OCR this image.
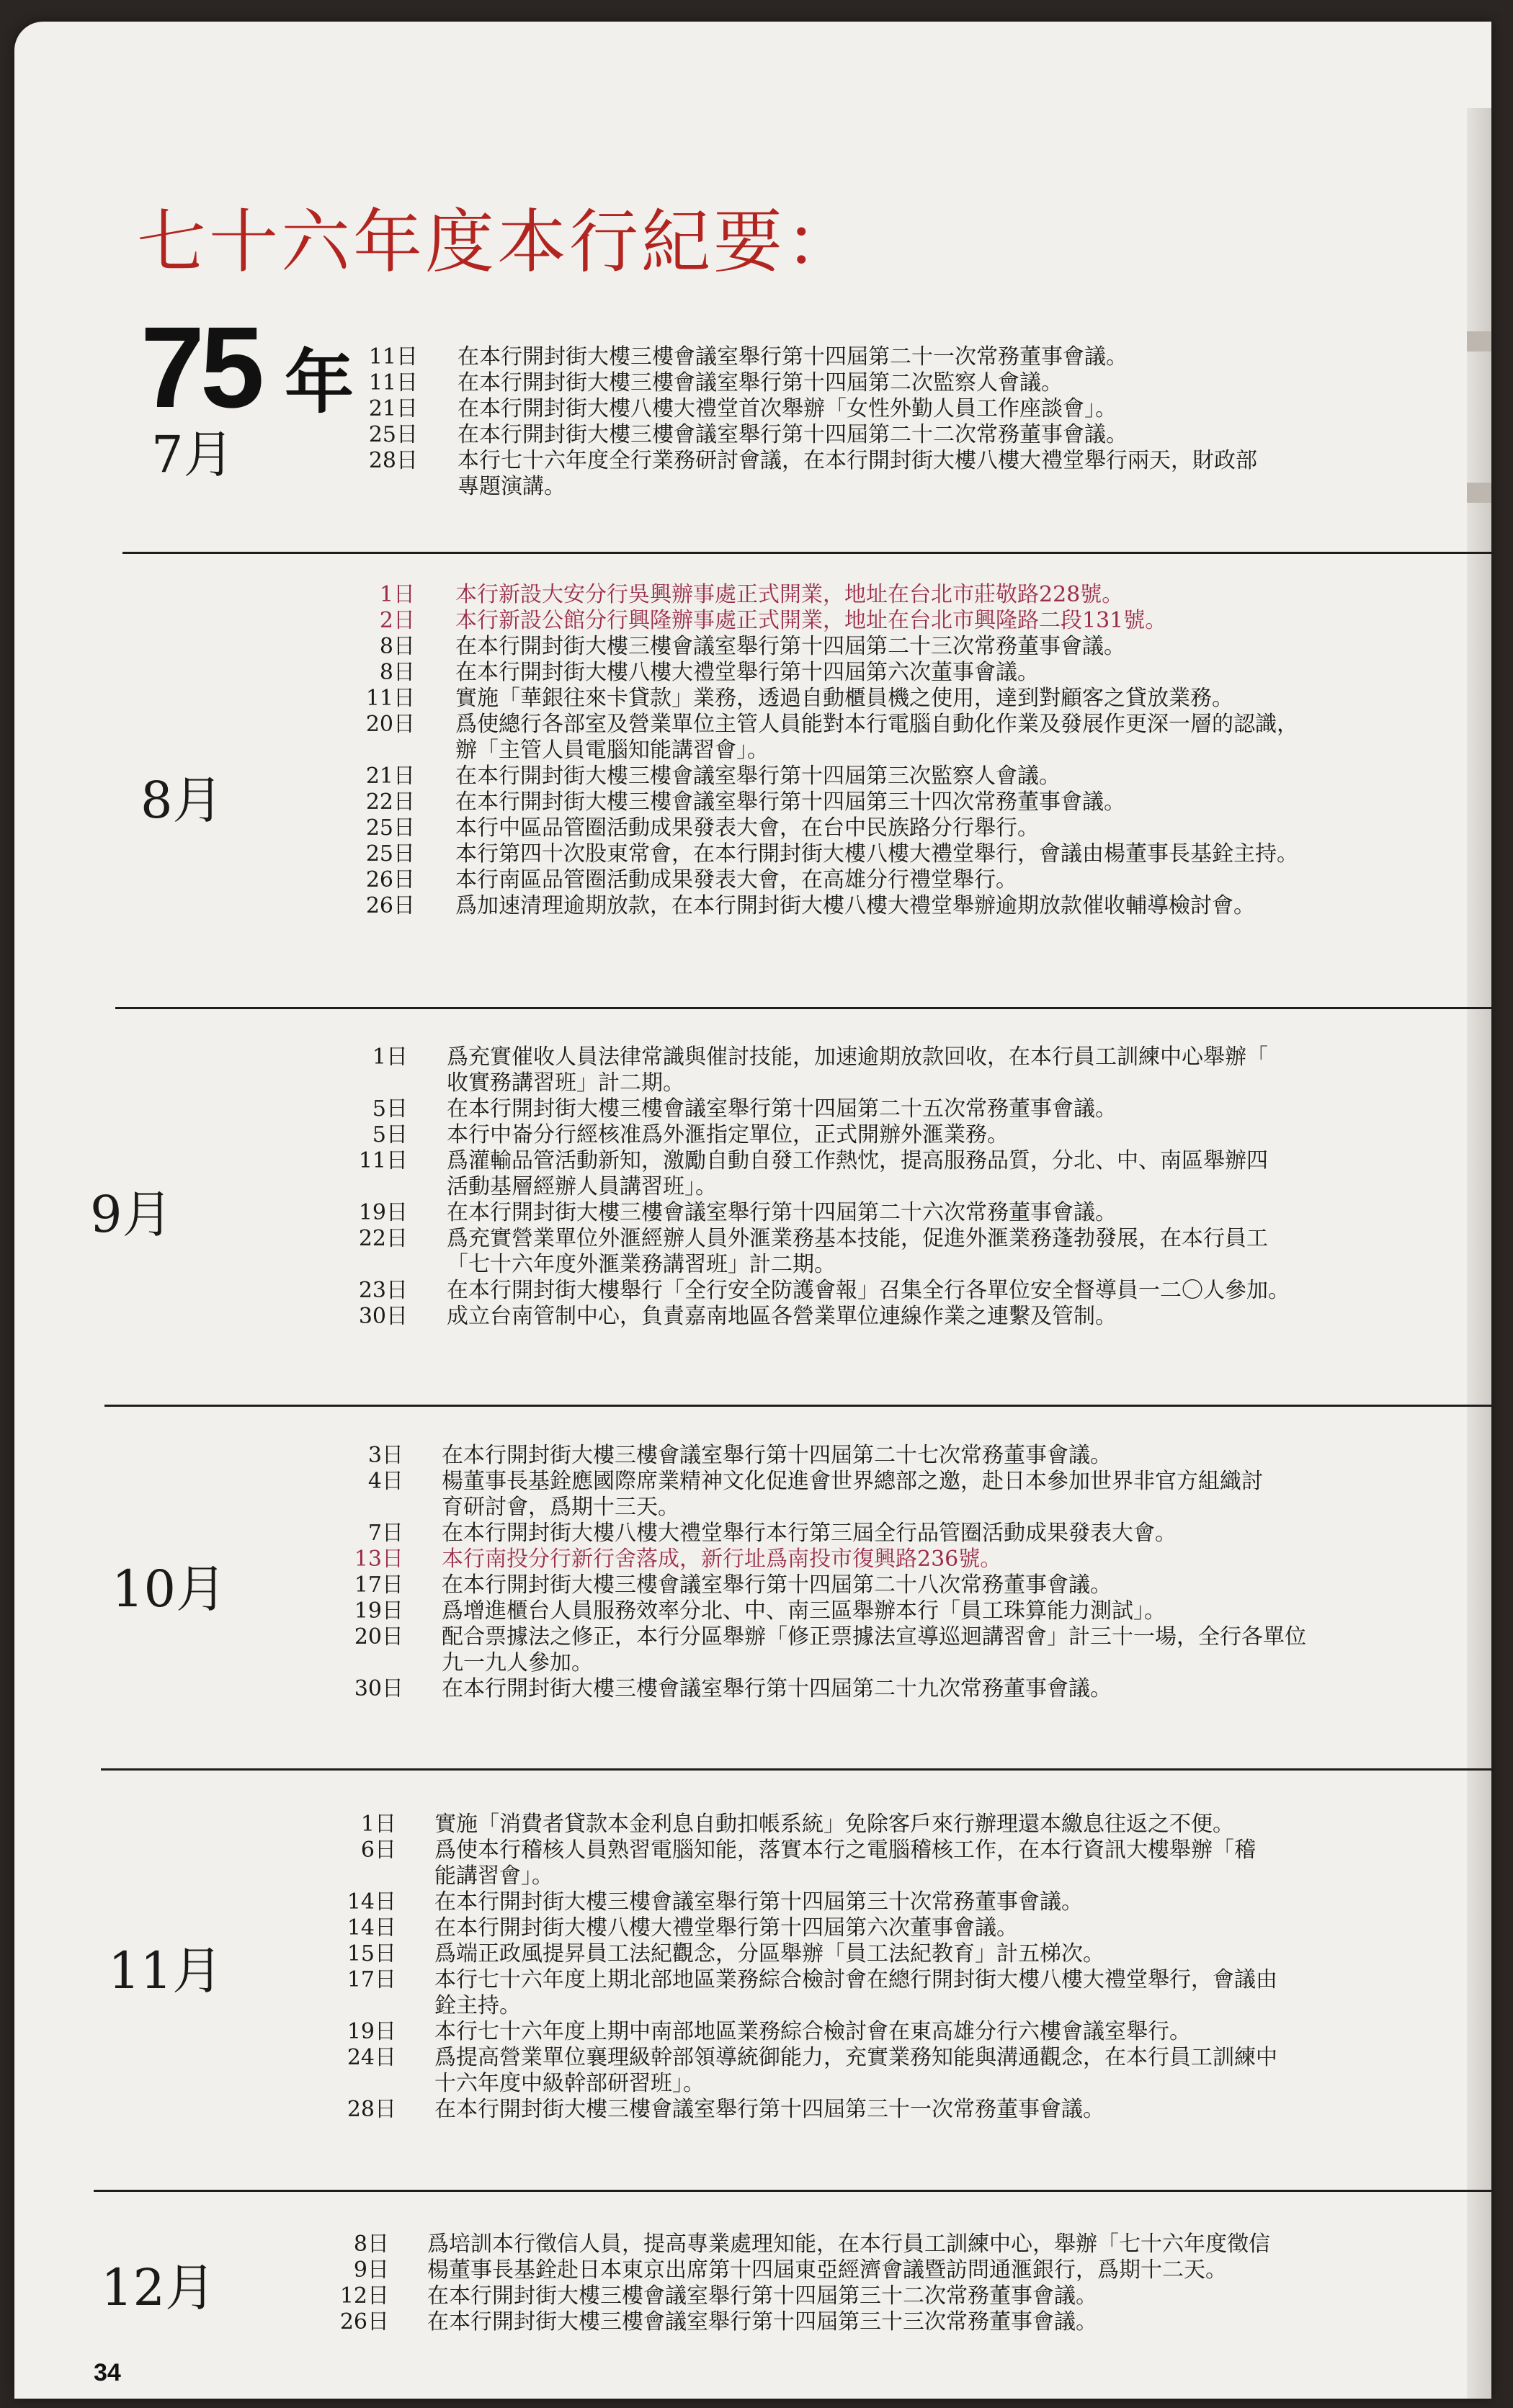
七十六年度本行紀要：
75 年
7月
11日 在本行開封街大樓三樓會議室舉行第十四屆第二十一次常務董事會議。
11日 在本行開封街大樓三樓會議室舉行第十四屆第二次監察人會議。
21日 在本行開封街大樓八樓大禮堂首次舉辦「女性外勤人員工作座談會」。
25日 在本行開封街大樓三樓會議室舉行第十四屆第二十二次常務董事會議。
28日 本行七十六年度全行業務研討會議，在本行開封街大樓八樓大禮堂舉行兩天，財政部
專題演講。
8月
1日 本行新設大安分行吳興辦事處正式開業，地址在台北市莊敬路228號。
2日 本行新設公館分行興隆辦事處正式開業，地址在台北市興隆路二段131號。
8日 在本行開封街大樓三樓會議室舉行第十四屆第二十三次常務董事會議。
8日 在本行開封街大樓八樓大禮堂舉行第十四屆第六次董事會議。
11日 實施「華銀往來卡貸款」業務，透過自動櫃員機之使用，達到對顧客之貸放業務。
20日 爲使總行各部室及營業單位主管人員能對本行電腦自動化作業及發展作更深一層的認識，
辦「主管人員電腦知能講習會」。
21日 在本行開封街大樓三樓會議室舉行第十四屆第三次監察人會議。
22日 在本行開封街大樓三樓會議室舉行第十四屆第三十四次常務董事會議。
25日 本行中區品管圈活動成果發表大會，在台中民族路分行舉行。
25日 本行第四十次股東常會，在本行開封街大樓八樓大禮堂舉行，會議由楊董事長基銓主持。
26日 本行南區品管圈活動成果發表大會，在高雄分行禮堂舉行。
26日 爲加速清理逾期放款，在本行開封街大樓八樓大禮堂舉辦逾期放款催收輔導檢討會。
9月
1日 爲充實催收人員法律常識與催討技能，加速逾期放款回收，在本行員工訓練中心舉辦「
收實務講習班」計二期。
5日 在本行開封街大樓三樓會議室舉行第十四屆第二十五次常務董事會議。
5日 本行中崙分行經核准爲外滙指定單位，正式開辦外滙業務。
11日 爲灌輸品管活動新知，激勵自動自發工作熱忱，提高服務品質，分北、中、南區舉辦四
活動基層經辦人員講習班」。
19日 在本行開封街大樓三樓會議室舉行第十四屆第二十六次常務董事會議。
22日 爲充實營業單位外滙經辦人員外滙業務基本技能，促進外滙業務蓬勃發展，在本行員工
「七十六年度外滙業務講習班」計二期。
23日 在本行開封街大樓舉行「全行安全防護會報」召集全行各單位安全督導員一二〇人參加。
30日 成立台南管制中心，負責嘉南地區各營業單位連線作業之連繫及管制。
10月
3日 在本行開封街大樓三樓會議室舉行第十四屆第二十七次常務董事會議。
4日 楊董事長基銓應國際席業精神文化促進會世界總部之邀，赴日本參加世界非官方組織討
育研討會，爲期十三天。
7日 在本行開封街大樓八樓大禮堂舉行本行第三屆全行品管圈活動成果發表大會。
13日 本行南投分行新行舍落成，新行址爲南投市復興路236號。
17日 在本行開封街大樓三樓會議室舉行第十四屆第二十八次常務董事會議。
19日 爲增進櫃台人員服務效率分北、中、南三區舉辦本行「員工珠算能力測試」。
20日 配合票據法之修正，本行分區舉辦「修正票據法宣導巡迴講習會」計三十一場，全行各單位
九一九人參加。
30日 在本行開封街大樓三樓會議室舉行第十四屆第二十九次常務董事會議。
11月
1日 實施「消費者貸款本金利息自動扣帳系統」免除客戶來行辦理還本繳息往返之不便。
6日 爲使本行稽核人員熟習電腦知能，落實本行之電腦稽核工作，在本行資訊大樓舉辦「稽
能講習會」。
14日 在本行開封街大樓三樓會議室舉行第十四屆第三十次常務董事會議。
14日 在本行開封街大樓八樓大禮堂舉行第十四屆第六次董事會議。
15日 爲端正政風提昇員工法紀觀念，分區舉辦「員工法紀教育」計五梯次。
17日 本行七十六年度上期北部地區業務綜合檢討會在總行開封街大樓八樓大禮堂舉行，會議由
銓主持。
19日 本行七十六年度上期中南部地區業務綜合檢討會在東高雄分行六樓會議室舉行。
24日 爲提高營業單位襄理級幹部領導統御能力，充實業務知能與溝通觀念，在本行員工訓練中
十六年度中級幹部研習班」。
28日 在本行開封街大樓三樓會議室舉行第十四屆第三十一次常務董事會議。
12月
8日 爲培訓本行徵信人員，提高專業處理知能，在本行員工訓練中心，舉辦「七十六年度徵信
9日 楊董事長基銓赴日本東京出席第十四屆東亞經濟會議暨訪問通滙銀行，爲期十二天。
12日 在本行開封街大樓三樓會議室舉行第十四屆第三十二次常務董事會議。
26日 在本行開封街大樓三樓會議室舉行第十四屆第三十三次常務董事會議。
34
